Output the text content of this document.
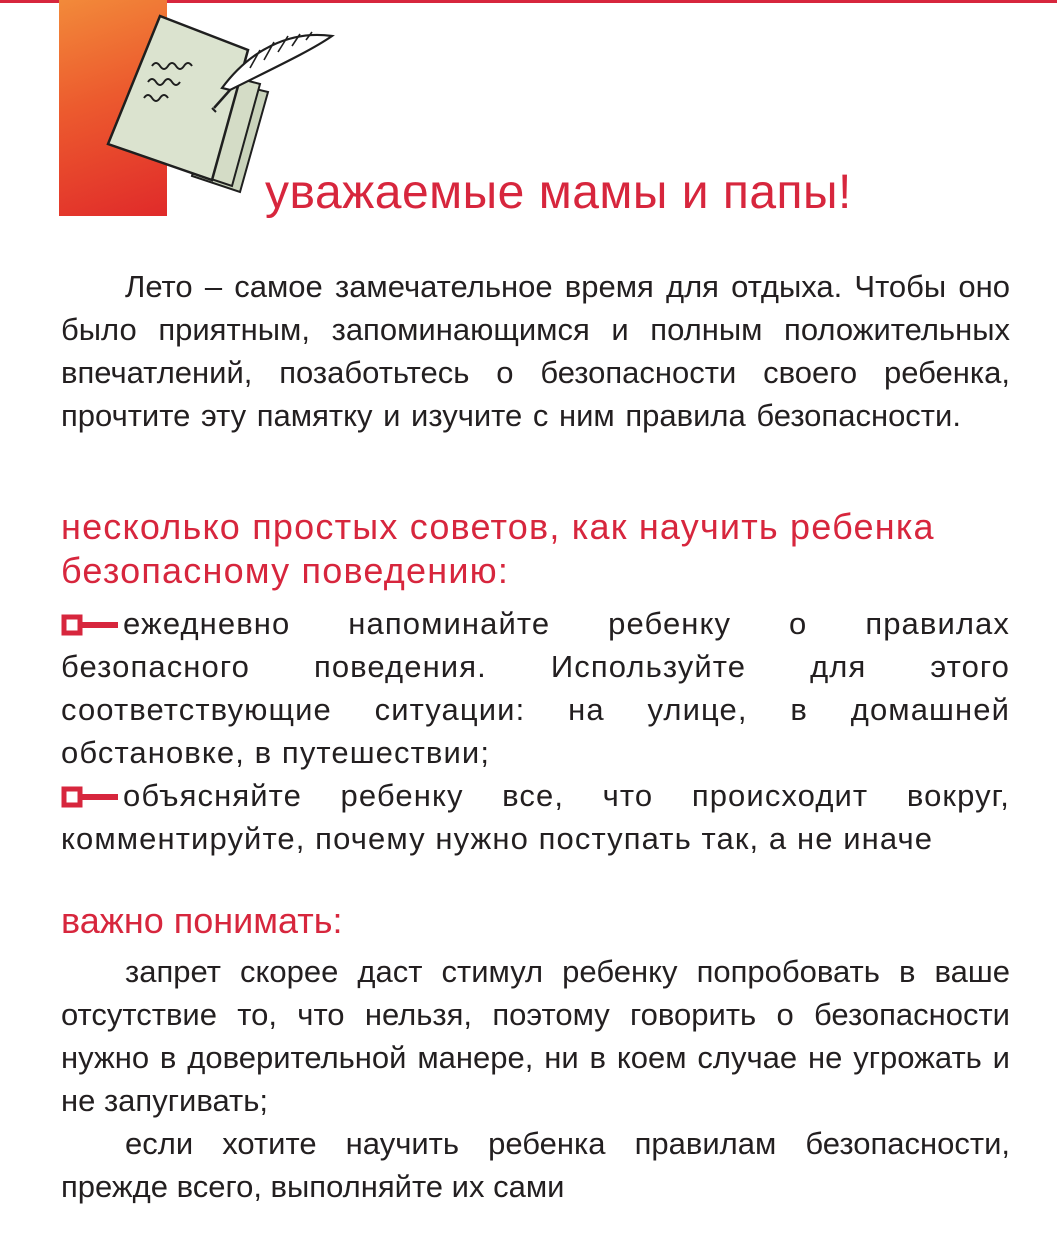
уважаемые мамы и папы!

Лето – самое замечательное время для отдыха. Чтобы оно было приятным, запоминающимся и полным положительных впечатлений, позаботьтесь о безопасности своего ребенка, прочтите эту памятку и изучите с ним правила безопасности.

несколько простых советов, как научить ребенка безопасному поведению:
ежедневно напоминайте ребенку о правилах безопасного поведения. Используйте для этого соответствующие ситуации: на улице, в домашней обстановке, в путешествии;
объясняйте ребенку все, что происходит вокруг, комментируйте, почему нужно поступать так, а не иначе
важно понимать:

запрет скорее даст стимул ребенку попробовать в ваше отсутствие то, что нельзя, поэтому говорить о безопасности нужно в доверительной манере, ни в коем случае не угрожать и не запугивать;

если хотите научить ребенка правилам безопасности, прежде всего, выполняйте их сами
